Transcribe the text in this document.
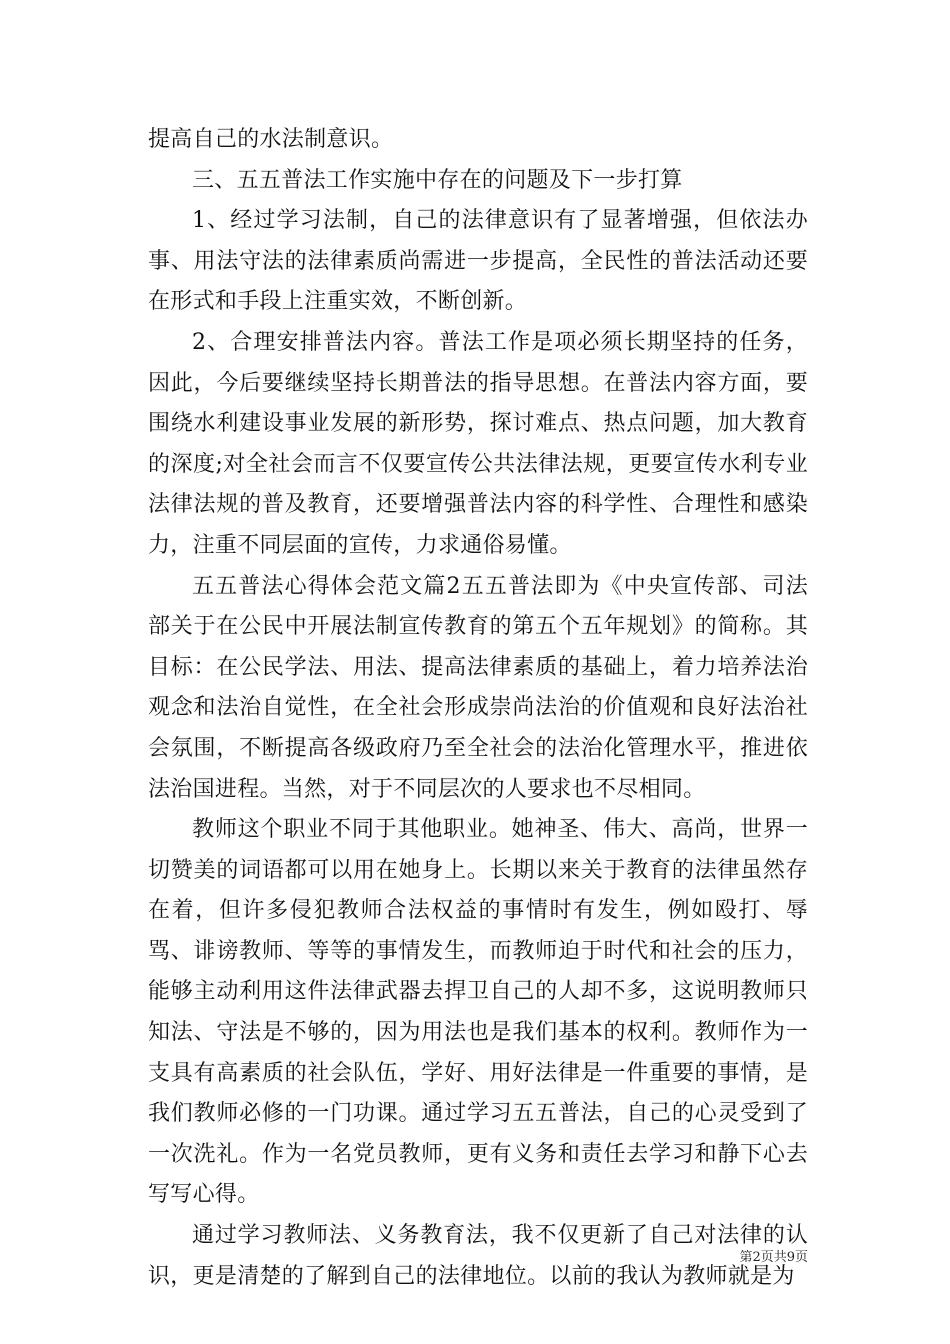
提高自己的水法制意识。

三、五五普法工作实施中存在的问题及下一步打算

1、经过学习法制，自己的法律意识有了显著增强，但依法办事、用法守法的法律素质尚需进一步提高，全民性的普法活动还要在形式和手段上注重实效，不断创新。

2、合理安排普法内容。普法工作是项必须长期坚持的任务，因此，今后要继续坚持长期普法的指导思想。在普法内容方面，要围绕水利建设事业发展的新形势，探讨难点、热点问题，加大教育的深度;对全社会而言不仅要宣传公共法律法规，更要宣传水利专业法律法规的普及教育，还要增强普法内容的科学性、合理性和感染力，注重不同层面的宣传，力求通俗易懂。

五五普法心得体会范文篇2五五普法即为《中央宣传部、司法部关于在公民中开展法制宣传教育的第五个五年规划》的简称。其目标：在公民学法、用法、提高法律素质的基础上，着力培养法治观念和法治自觉性，在全社会形成崇尚法治的价值观和良好法治社会氛围，不断提高各级政府乃至全社会的法治化管理水平，推进依法治国进程。当然，对于不同层次的人要求也不尽相同。

教师这个职业不同于其他职业。她神圣、伟大、高尚，世界一切赞美的词语都可以用在她身上。长期以来关于教育的法律虽然存在着，但许多侵犯教师合法权益的事情时有发生，例如殴打、辱骂、诽谤教师、等等的事情发生，而教师迫于时代和社会的压力，能够主动利用这件法律武器去捍卫自己的人却不多，这说明教师只知法、守法是不够的，因为用法也是我们基本的权利。教师作为一支具有高素质的社会队伍，学好、用好法律是一件重要的事情，是我们教师必修的一门功课。通过学习五五普法，自己的心灵受到了一次洗礼。作为一名党员教师，更有义务和责任去学习和静下心去写写心得。

通过学习教师法、义务教育法，我不仅更新了自己对法律的认识，更是清楚的了解到自己的法律地位。以前的我认为教师就是为

第2页共9页
